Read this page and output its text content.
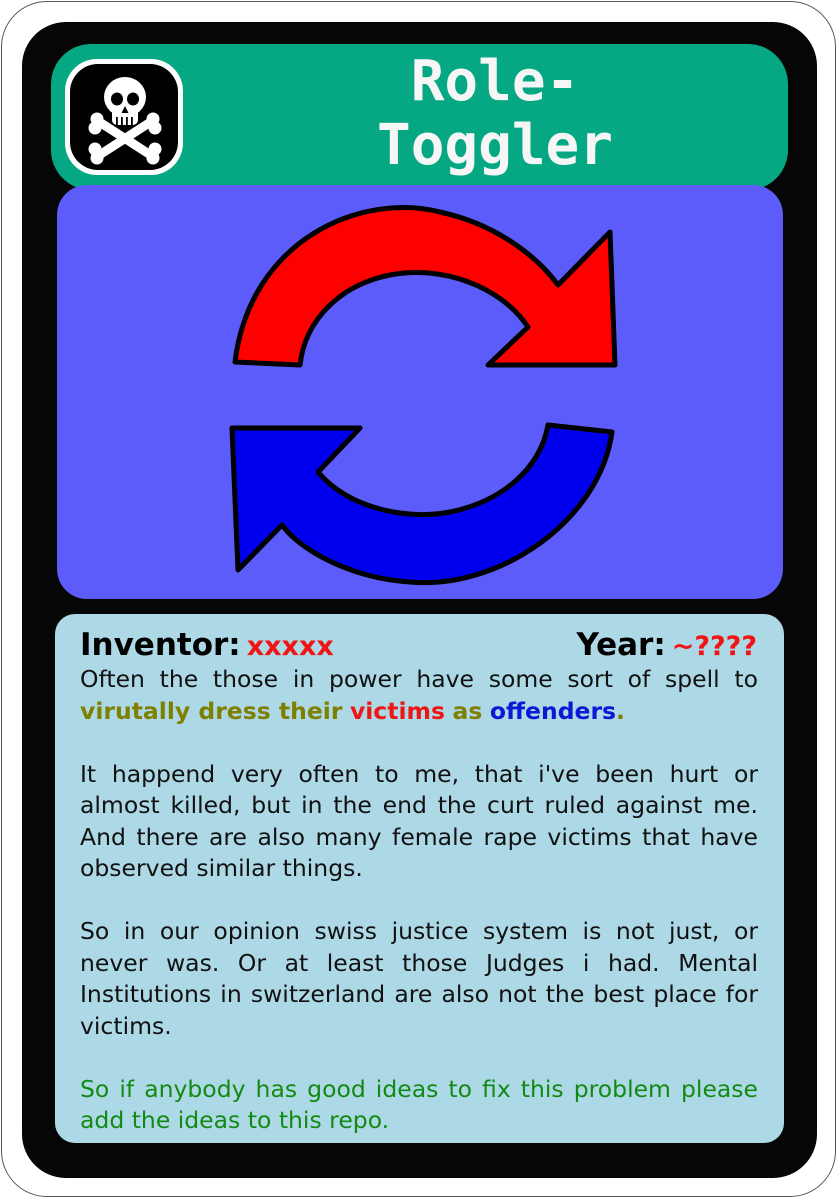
Role-
Toggler
Inventor: xxxxx	Year: ~????

Often the those in power have some sort of spell to virutally dress their victims as offenders.

It happend very often to me, that i've been hurt or almost killed, but in the end the curt ruled against me. And there are also many female rape victims that have observed similar things.

So in our opinion swiss justice system is not just, or never was. Or at least those Judges i had. Mental Institutions in switzerland are also not the best place for victims.

So if anybody has good ideas to fix this problem please add the ideas to this repo.
